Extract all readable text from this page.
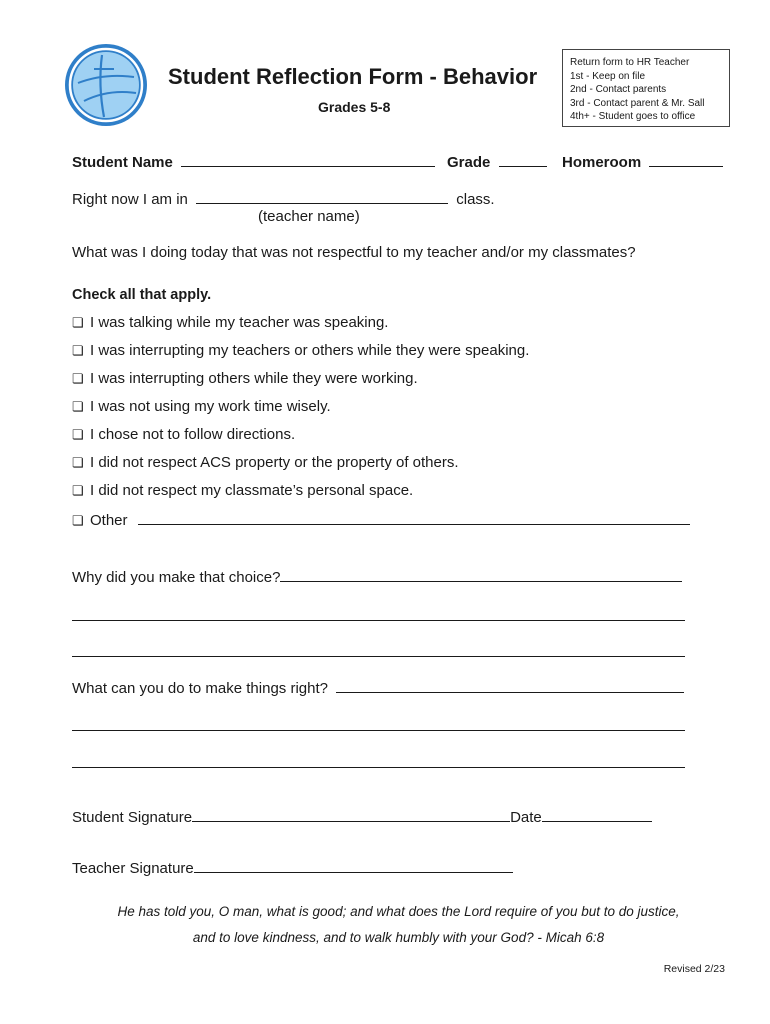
Student Reflection Form - Behavior
Grades 5-8
Return form to HR Teacher
1st - Keep on file
2nd - Contact parents
3rd - Contact parent & Mr. Sall
4th+ - Student goes to office
Student Name	Grade	Homeroom
Right now I am in	class.
(teacher name)
What was I doing today that was not respectful to my teacher and/or my classmates?
Check all that apply.
❏ I was talking while my teacher was speaking.
❏ I was interrupting my teachers or others while they were speaking.
❏ I was interrupting others while they were working.
❏ I was not using my work time wisely.
❏ I chose not to follow directions.
❏ I did not respect ACS property or the property of others.
❏ I did not respect my classmate’s personal space.
❏ Other
Why did you make that choice?
What can you do to make things right?
Student Signature	Date
Teacher Signature
He has told you, O man, what is good; and what does the Lord require of you but to do justice,
and to love kindness, and to walk humbly with your God? - Micah 6:8
Revised 2/23
